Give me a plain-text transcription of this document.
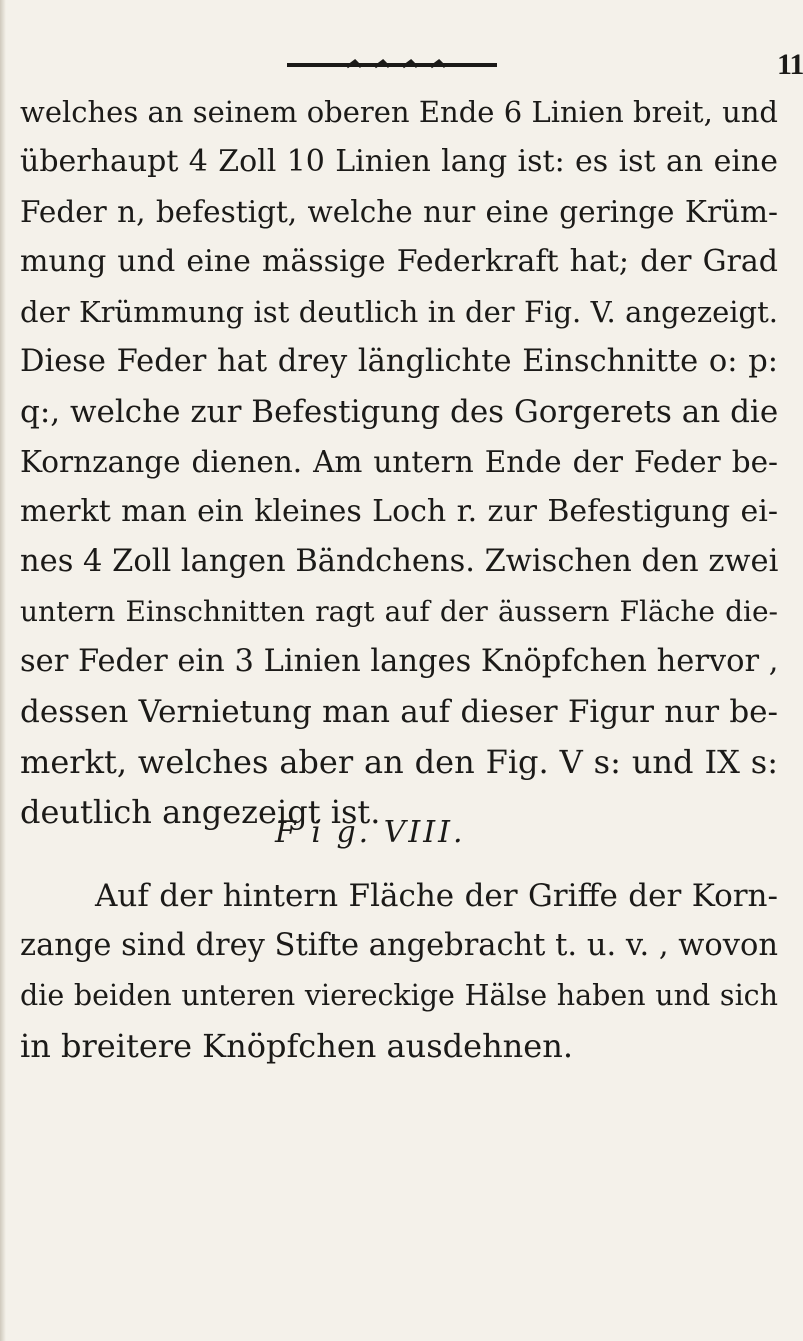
11
welches an seinem oberen Ende 6 Linien breit, und
überhaupt 4 Zoll 10 Linien lang ist: es ist an eine
Feder n, befestigt, welche nur eine geringe Krüm-
mung und eine mässige Federkraft hat; der Grad
der Krümmung ist deutlich in der Fig. V. angezeigt.
Diese Feder hat drey länglichte Einschnitte o: p:
q:, welche zur Befestigung des Gorgerets an die
Kornzange dienen. Am untern Ende der Feder be-
merkt man ein kleines Loch r. zur Befestigung ei-
nes 4 Zoll langen Bändchens. Zwischen den zwei
untern Einschnitten ragt auf der äussern Fläche die-
ser Feder ein 3 Linien langes Knöpfchen hervor ,
dessen Vernietung man auf dieser Figur nur be-
merkt, welches aber an den Fig. V s: und IX s:
deutlich angezeigt ist.
F i g. VIII.
Auf der hintern Fläche der Griffe der Korn-
zange sind drey Stifte angebracht t. u. v. , wovon
die beiden unteren viereckige Hälse haben und sich
in breitere Knöpfchen ausdehnen.
